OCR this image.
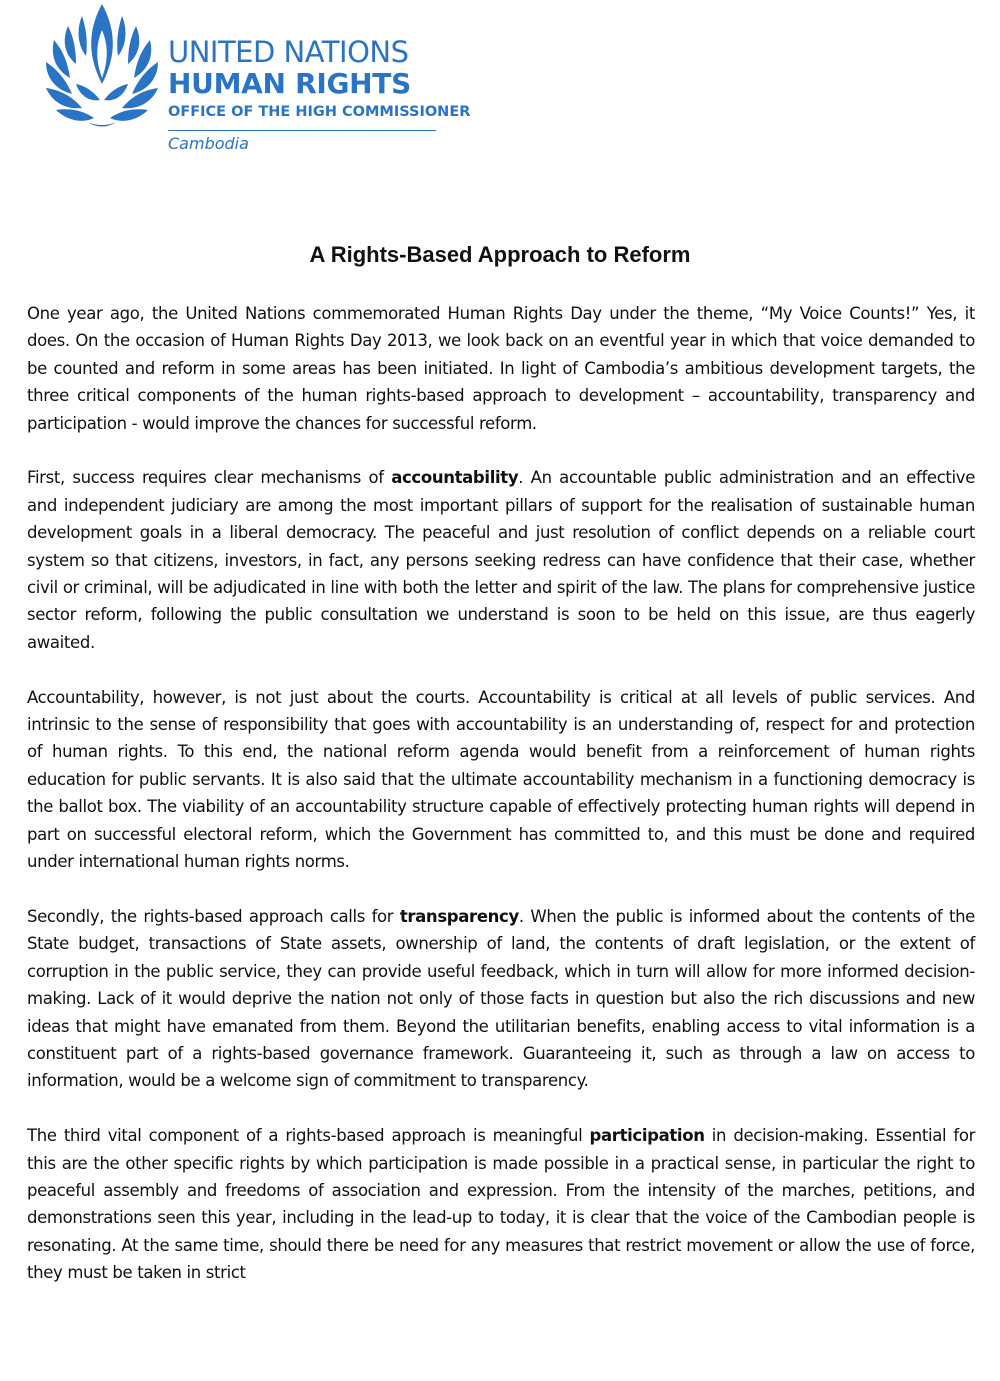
UNITED NATIONS
HUMAN RIGHTS
OFFICE OF THE HIGH COMMISSIONER
Cambodia
A Rights-Based Approach to Reform

One year ago, the United Nations commemorated Human Rights Day under the theme, “My Voice Counts!” Yes, it does. On the occasion of Human Rights Day 2013, we look back on an eventful year in which that voice demanded to be counted and reform in some areas has been initiated. In light of Cambodia’s ambitious development targets, the three critical components of the human rights-based approach to development – accountability, transparency and participation - would improve the chances for successful reform.

First, success requires clear mechanisms of accountability. An accountable public administration and an effective and independent judiciary are among the most important pillars of support for the realisation of sustainable human development goals in a liberal democracy. The peaceful and just resolution of conflict depends on a reliable court system so that citizens, investors, in fact, any persons seeking redress can have confidence that their case, whether civil or criminal, will be adjudicated in line with both the letter and spirit of the law. The plans for comprehensive justice sector reform, following the public consultation we understand is soon to be held on this issue, are thus eagerly awaited.

Accountability, however, is not just about the courts. Accountability is critical at all levels of public services. And intrinsic to the sense of responsibility that goes with accountability is an understanding of, respect for and protection of human rights. To this end, the national reform agenda would benefit from a reinforcement of human rights education for public servants. It is also said that the ultimate accountability mechanism in a functioning democracy is the ballot box. The viability of an accountability structure capable of effectively protecting human rights will depend in part on successful electoral reform, which the Government has committed to, and this must be done and required under international human rights norms.

Secondly, the rights-based approach calls for transparency. When the public is informed about the contents of the State budget, transactions of State assets, ownership of land, the contents of draft legislation, or the extent of corruption in the public service, they can provide useful feedback, which in turn will allow for more informed decision-making. Lack of it would deprive the nation not only of those facts in question but also the rich discussions and new ideas that might have emanated from them. Beyond the utilitarian benefits, enabling access to vital information is a constituent part of a rights-based governance framework. Guaranteeing it, such as through a law on access to information, would be a welcome sign of commitment to transparency.

The third vital component of a rights-based approach is meaningful participation in decision-making. Essential for this are the other specific rights by which participation is made possible in a practical sense, in particular the right to peaceful assembly and freedoms of association and expression. From the intensity of the marches, petitions, and demonstrations seen this year, including in the lead-up to today, it is clear that the voice of the Cambodian people is resonating. At the same time, should there be need for any measures that restrict movement or allow the use of force, they must be taken in strict
